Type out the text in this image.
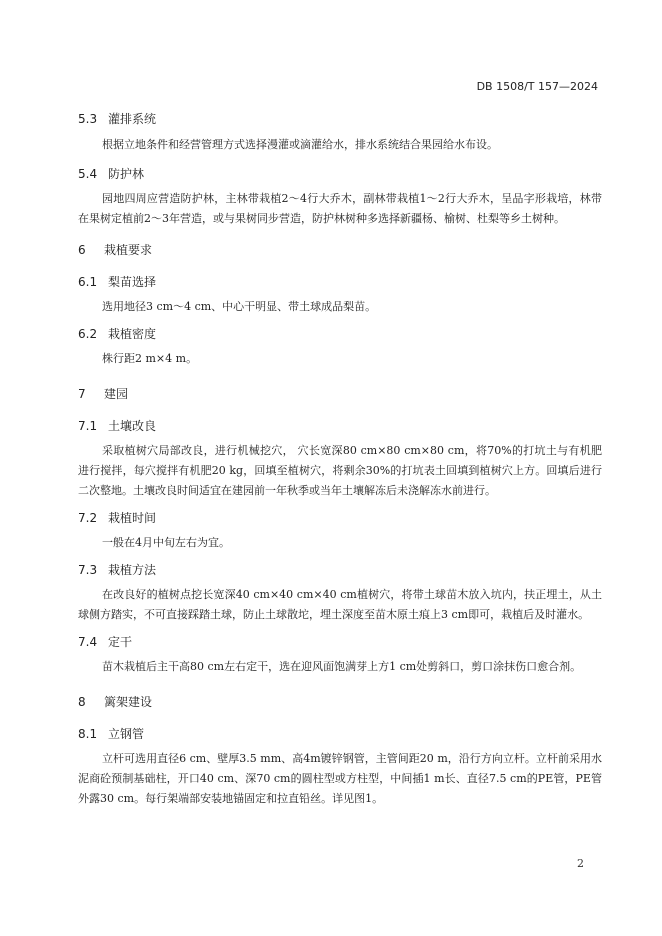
DB 1508/T 157—2024
5.3 灌排系统

根据立地条件和经营管理方式选择漫灌或滴灌给水，排水系统结合果园给水布设。

5.4 防护林

园地四周应营造防护林，主林带栽植2～4行大乔木，副林带栽植1～2行大乔木，呈品字形栽培，林带在果树定植前2～3年营造，或与果树同步营造，防护林树种多选择新疆杨、榆树、杜梨等乡土树种。

6 栽植要求
6.1 梨苗选择

选用地径3 cm～4 cm、中心干明显、带土球成品梨苗。

6.2 栽植密度

株行距2 m×4 m。

7 建园
7.1 土壤改良

采取植树穴局部改良，进行机械挖穴， 穴长宽深80 cm×80 cm×80 cm，将70%的打坑土与有机肥进行搅拌，每穴搅拌有机肥20 kg，回填至植树穴，将剩余30%的打坑表土回填到植树穴上方。回填后进行二次整地。土壤改良时间适宜在建园前一年秋季或当年土壤解冻后未浇解冻水前进行。

7.2 栽植时间

一般在4月中旬左右为宜。

7.3 栽植方法

在改良好的植树点挖长宽深40 cm×40 cm×40 cm植树穴，将带土球苗木放入坑内，扶正埋土，从土球侧方踏实，不可直接踩踏土球，防止土球散坨，埋土深度至苗木原土痕上3 cm即可，栽植后及时灌水。

7.4 定干

苗木栽植后主干高80 cm左右定干，选在迎风面饱满芽上方1 cm处剪斜口，剪口涂抹伤口愈合剂。

8 篱架建设
8.1 立钢管

立杆可选用直径6 cm、壁厚3.5 mm、高4m镀锌钢管，主管间距20 m，沿行方向立杆。立杆前采用水泥商砼预制基础柱，开口40 cm、深70 cm的圆柱型或方柱型，中间插1 m长、直径7.5 cm的PE管，PE管外露30 cm。每行架端部安装地锚固定和拉直铅丝。详见图1。

2
